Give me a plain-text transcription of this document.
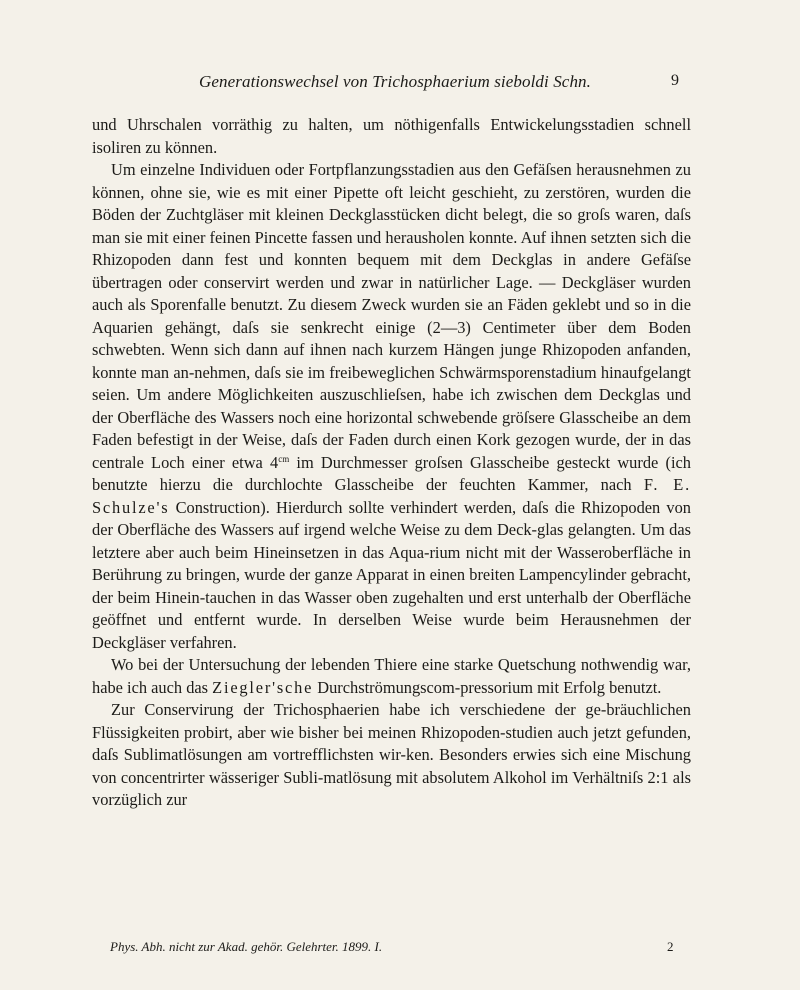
Generationswechsel von Trichosphaerium sieboldi Schn.	9

und Uhrschalen vorräthig zu halten, um nöthigenfalls Entwickelungsstadien schnell isoliren zu können.

Um einzelne Individuen oder Fortpflanzungsstadien aus den Gefäſsen herausnehmen zu können, ohne sie, wie es mit einer Pipette oft leicht geschieht, zu zerstören, wurden die Böden der Zuchtgläser mit kleinen Deckglasstücken dicht belegt, die so groſs waren, daſs man sie mit einer feinen Pincette fassen und herausholen konnte. Auf ihnen setzten sich die Rhizopoden dann fest und konnten bequem mit dem Deckglas in andere Gefäſse übertragen oder conservirt werden und zwar in natürlicher Lage. — Deckgläser wurden auch als Sporenfalle benutzt. Zu diesem Zweck wurden sie an Fäden geklebt und so in die Aquarien gehängt, daſs sie senkrecht einige (2—3) Centimeter über dem Boden schwebten. Wenn sich dann auf ihnen nach kurzem Hängen junge Rhizopoden anfanden, konnte man an-nehmen, daſs sie im freibeweglichen Schwärmsporenstadium hinaufgelangt seien. Um andere Möglichkeiten auszuschlieſsen, habe ich zwischen dem Deckglas und der Oberfläche des Wassers noch eine horizontal schwebende gröſsere Glasscheibe an dem Faden befestigt in der Weise, daſs der Faden durch einen Kork gezogen wurde, der in das centrale Loch einer etwa $4^{cm}$ im Durchmesser groſsen Glasscheibe gesteckt wurde (ich benutzte hierzu die durchlochte Glasscheibe der feuchten Kammer, nach F. E. Schulze's Construction). Hierdurch sollte verhindert werden, daſs die Rhizopoden von der Oberfläche des Wassers auf irgend welche Weise zu dem Deck-glas gelangten. Um das letztere aber auch beim Hineinsetzen in das Aqua-rium nicht mit der Wasseroberfläche in Berührung zu bringen, wurde der ganze Apparat in einen breiten Lampencylinder gebracht, der beim Hinein-tauchen in das Wasser oben zugehalten und erst unterhalb der Oberfläche geöffnet und entfernt wurde. In derselben Weise wurde beim Herausnehmen der Deckgläser verfahren.

Wo bei der Untersuchung der lebenden Thiere eine starke Quetschung nothwendig war, habe ich auch das Ziegler'sche Durchströmungscom-pressorium mit Erfolg benutzt.

Zur Conservirung der Trichosphaerien habe ich verschiedene der ge-bräuchlichen Flüssigkeiten probirt, aber wie bisher bei meinen Rhizopoden-studien auch jetzt gefunden, daſs Sublimatlösungen am vortrefflichsten wir-ken. Besonders erwies sich eine Mischung von concentrirter wässeriger Subli-matlösung mit absolutem Alkohol im Verhältniſs 2:1 als vorzüglich zur

Phys. Abh. nicht zur Akad. gehör. Gelehrter. 1899. I.	2
